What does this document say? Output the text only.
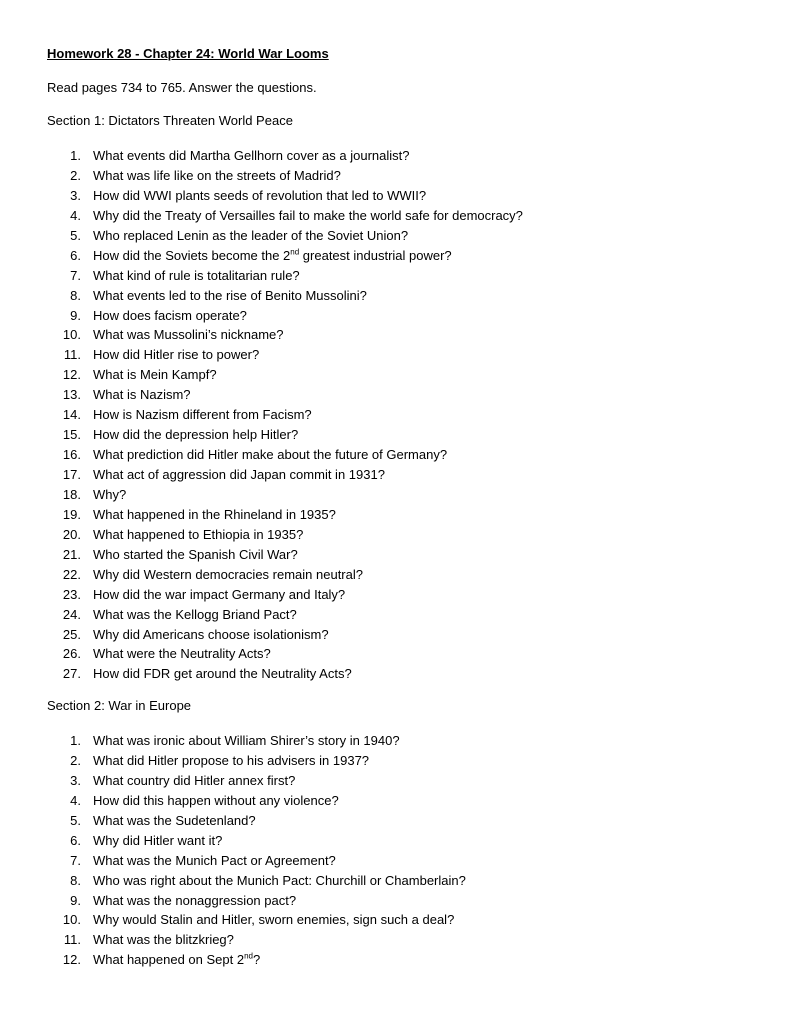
Homework 28 - Chapter 24: World War Looms
Read pages 734 to 765. Answer the questions.
Section 1: Dictators Threaten World Peace
1. What events did Martha Gellhorn cover as a journalist?
2. What was life like on the streets of Madrid?
3. How did WWI plants seeds of revolution that led to WWII?
4. Why did the Treaty of Versailles fail to make the world safe for democracy?
5. Who replaced Lenin as the leader of the Soviet Union?
6. How did the Soviets become the 2nd greatest industrial power?
7. What kind of rule is totalitarian rule?
8. What events led to the rise of Benito Mussolini?
9. How does facism operate?
10. What was Mussolini’s nickname?
11. How did Hitler rise to power?
12. What is Mein Kampf?
13. What is Nazism?
14. How is Nazism different from Facism?
15. How did the depression help Hitler?
16. What prediction did Hitler make about the future of Germany?
17. What act of aggression did Japan commit in 1931?
18. Why?
19. What happened in the Rhineland in 1935?
20. What happened to Ethiopia in 1935?
21. Who started the Spanish Civil War?
22. Why did Western democracies remain neutral?
23. How did the war impact Germany and Italy?
24. What was the Kellogg Briand Pact?
25. Why did Americans choose isolationism?
26. What were the Neutrality Acts?
27. How did FDR get around the Neutrality Acts?
Section 2: War in Europe
1. What was ironic about William Shirer’s story in 1940?
2. What did Hitler propose to his advisers in 1937?
3. What country did Hitler annex first?
4. How did this happen without any violence?
5. What was the Sudetenland?
6. Why did Hitler want it?
7. What was the Munich Pact or Agreement?
8. Who was right about the Munich Pact: Churchill or Chamberlain?
9. What was the nonaggression pact?
10. Why would Stalin and Hitler, sworn enemies, sign such a deal?
11. What was the blitzkrieg?
12. What happened on Sept 2nd?
